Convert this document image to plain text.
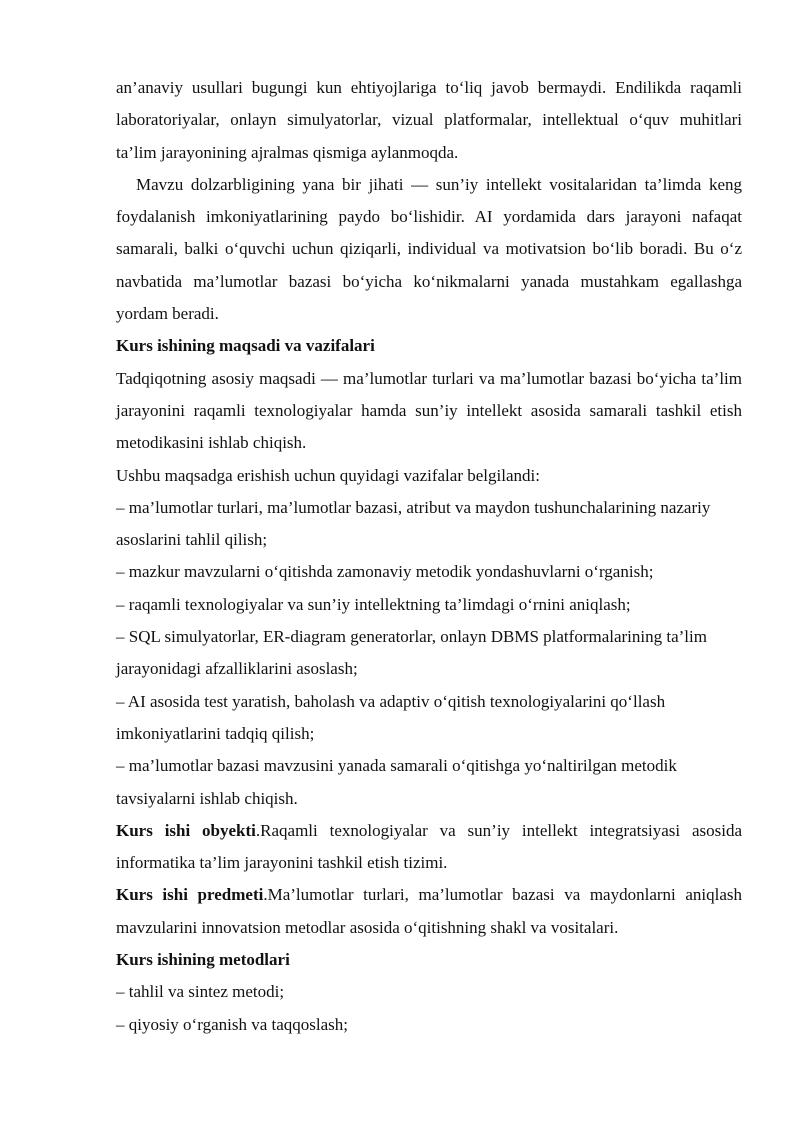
an’anaviy usullari bugungi kun ehtiyojlariga to‘liq javob bermaydi. Endilikda raqamli laboratoriyalar, onlayn simulyatorlar, vizual platformalar, intellektual o‘quv muhitlari ta’lim jarayonining ajralmas qismiga aylanmoqda.

Mavzu dolzarbligining yana bir jihati — sun’iy intellekt vositalaridan ta’limda keng foydalanish imkoniyatlarining paydo bo‘lishidir. AI yordamida dars jarayoni nafaqat samarali, balki o‘quvchi uchun qiziqarli, individual va motivatsion bo‘lib boradi. Bu o‘z navbatida ma’lumotlar bazasi bo‘yicha ko‘nikmalarni yanada mustahkam egallashga yordam beradi.

Kurs ishining maqsadi va vazifalari

Tadqiqotning asosiy maqsadi — ma’lumotlar turlari va ma’lumotlar bazasi bo‘yicha ta’lim jarayonini raqamli texnologiyalar hamda sun’iy intellekt asosida samarali tashkil etish metodikasini ishlab chiqish.

Ushbu maqsadga erishish uchun quyidagi vazifalar belgilandi:

– ma’lumotlar turlari, ma’lumotlar bazasi, atribut va maydon tushunchalarining nazariy asoslarini tahlil qilish;

– mazkur mavzularni o‘qitishda zamonaviy metodik yondashuvlarni o‘rganish;

– raqamli texnologiyalar va sun’iy intellektning ta’limdagi o‘rnini aniqlash;

– SQL simulyatorlar, ER-diagram generatorlar, onlayn DBMS platformalarining ta’lim jarayonidagi afzalliklarini asoslash;

– AI asosida test yaratish, baholash va adaptiv o‘qitish texnologiyalarini qo‘llash imkoniyatlarini tadqiq qilish;

– ma’lumotlar bazasi mavzusini yanada samarali o‘qitishga yo‘naltirilgan metodik tavsiyalarni ishlab chiqish.

Kurs ishi obyekti.Raqamli texnologiyalar va sun’iy intellekt integratsiyasi asosida informatika ta’lim jarayonini tashkil etish tizimi.

Kurs ishi predmeti.Ma’lumotlar turlari, ma’lumotlar bazasi va maydonlarni aniqlash mavzularini innovatsion metodlar asosida o‘qitishning shakl va vositalari.

Kurs ishining metodlari

– tahlil va sintez metodi;

– qiyosiy o‘rganish va taqqoslash;
